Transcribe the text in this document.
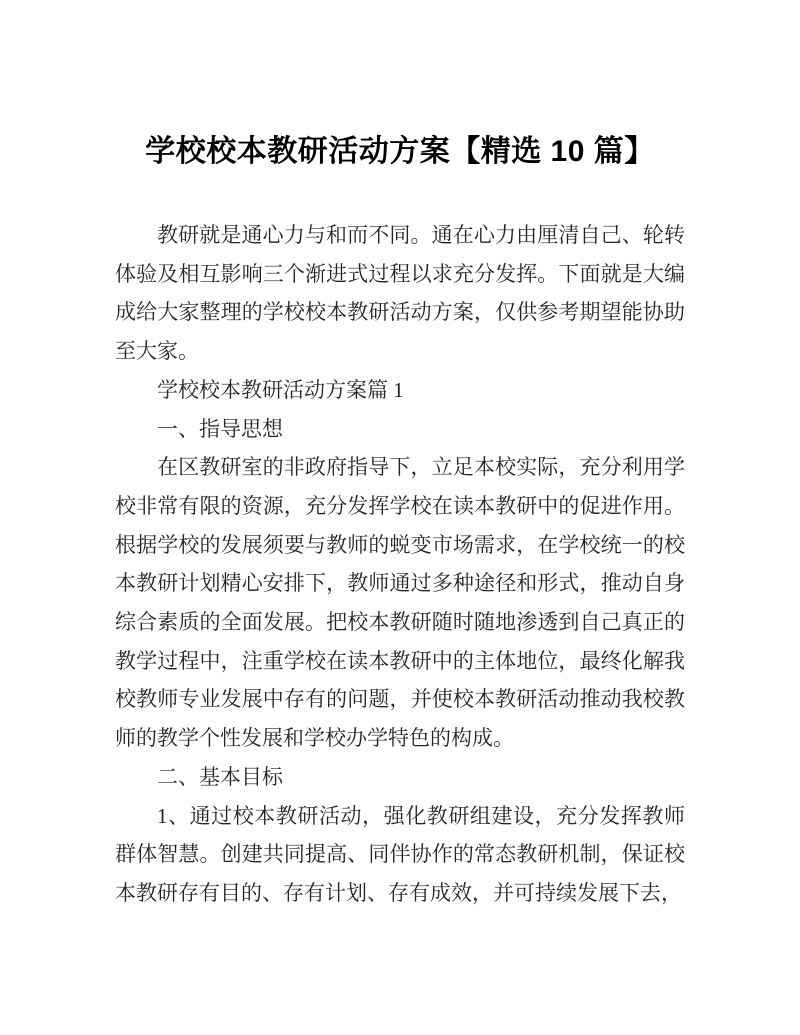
学校校本教研活动方案【精选 10 篇】

教研就是通心力与和而不同。通在心力由厘清自己、轮转体验及相互影响三个渐进式过程以求充分发挥。下面就是大编成给大家整理的学校校本教研活动方案，仅供参考期望能协助至大家。

学校校本教研活动方案篇 1

一、指导思想

在区教研室的非政府指导下，立足本校实际，充分利用学校非常有限的资源，充分发挥学校在读本教研中的促进作用。根据学校的发展须要与教师的蜕变市场需求，在学校统一的校本教研计划精心安排下，教师通过多种途径和形式，推动自身综合素质的全面发展。把校本教研随时随地渗透到自己真正的教学过程中，注重学校在读本教研中的主体地位，最终化解我校教师专业发展中存有的问题，并使校本教研活动推动我校教师的教学个性发展和学校办学特色的构成。

二、基本目标

1、通过校本教研活动，强化教研组建设，充分发挥教师群体智慧。创建共同提高、同伴协作的常态教研机制，保证校本教研存有目的、存有计划、存有成效，并可持续发展下去，
